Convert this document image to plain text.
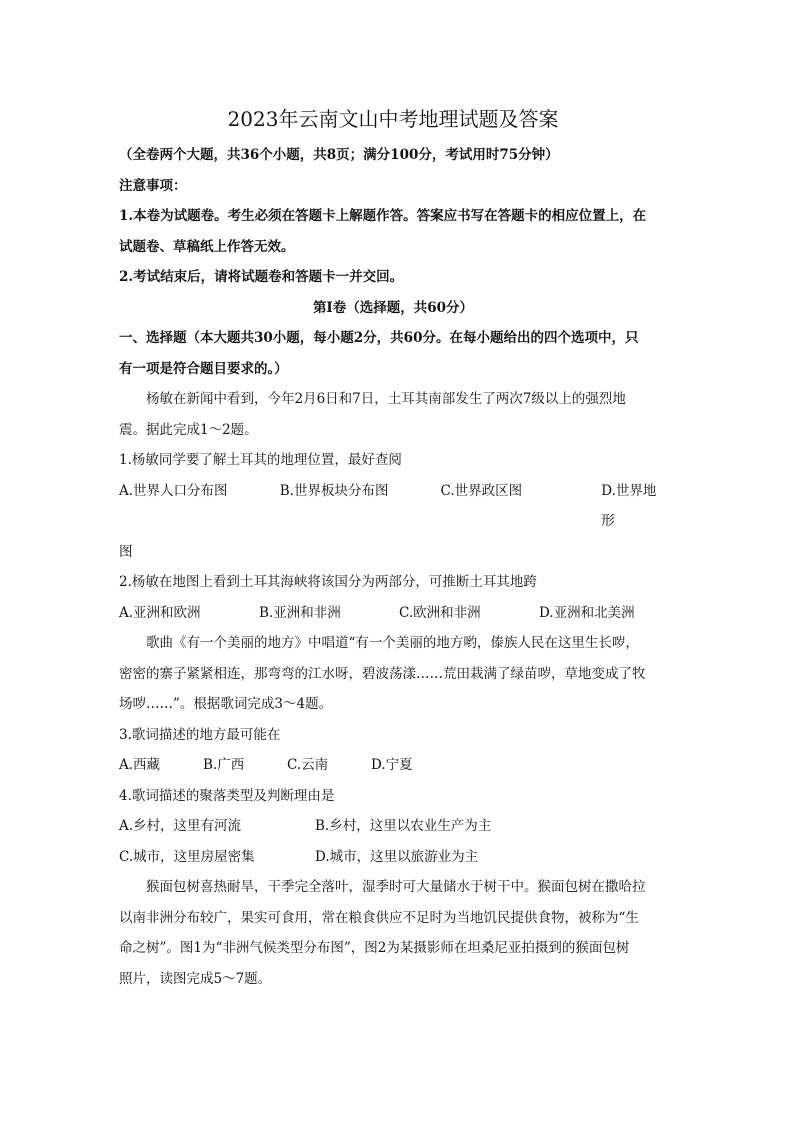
2023年云南文山中考地理试题及答案

（全卷两个大题，共36个小题，共8页；满分100分，考试用时75分钟）

注意事项：

1.本卷为试题卷。考生必须在答题卡上解题作答。答案应书写在答题卡的相应位置上，在

试题卷、草稿纸上作答无效。

2.考试结束后，请将试题卷和答题卡一并交回。

第Ⅰ卷（选择题，共60分）

一、选择题（本大题共30小题，每小题2分，共60分。在每小题给出的四个选项中，只

有一项是符合题目要求的。）

杨敏在新闻中看到，今年2月6日和7日，土耳其南部发生了两次7级以上的强烈地

震。据此完成1～2题。

1.杨敏同学要了解土耳其的地理位置，最好查阅

A.世界人口分布图	B.世界板块分布图	C.世界政区图	D.世界地形

图

2.杨敏在地图上看到土耳其海峡将该国分为两部分，可推断土耳其地跨

A.亚洲和欧洲	B.亚洲和非洲	C.欧洲和非洲	D.亚洲和北美洲

歌曲《有一个美丽的地方》中唱道“有一个美丽的地方哟，傣族人民在这里生长哕，

密密的寨子紧紧相连，那弯弯的江水呀，碧波荡漾……荒田栽满了绿苗哕，草地变成了牧

场哕……”。根据歌词完成3～4题。

3.歌词描述的地方最可能在

A.西藏	B.广西	C.云南	D.宁夏

4.歌词描述的聚落类型及判断理由是

A.乡村，这里有河流	B.乡村，这里以农业生产为主
C.城市，这里房屋密集	D.城市，这里以旅游业为主

猴面包树喜热耐旱，干季完全落叶，湿季时可大量储水于树干中。猴面包树在撒哈拉

以南非洲分布较广，果实可食用，常在粮食供应不足时为当地饥民提供食物，被称为“生

命之树”。图1为“非洲气候类型分布图”，图2为某摄影师在坦桑尼亚拍摄到的猴面包树

照片，读图完成5～7题。
